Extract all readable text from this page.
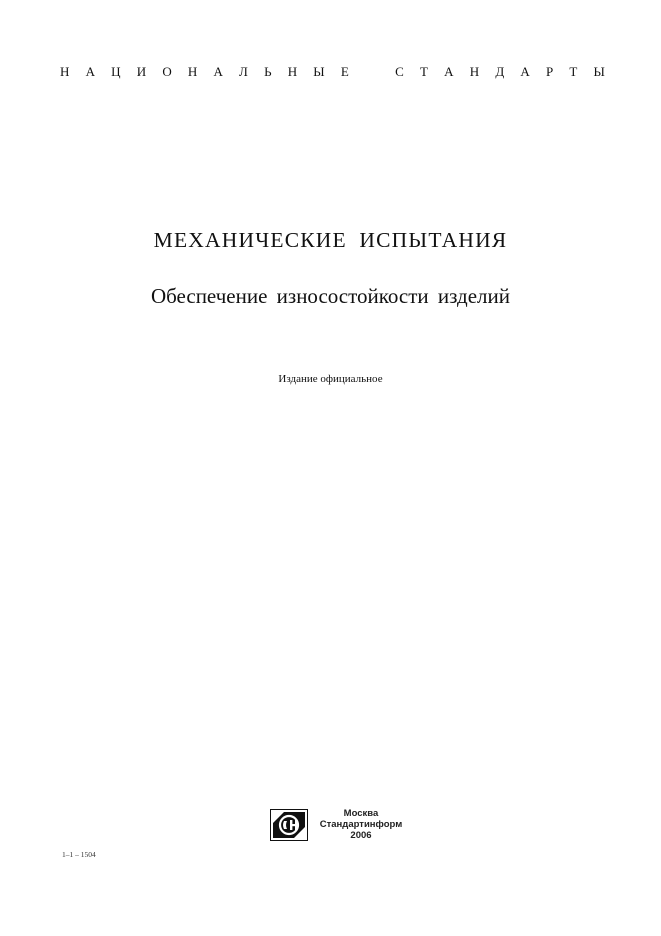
Н А Ц И О Н А Л Ь Н Ы Е	С Т А Н Д А Р Т Ы
МЕХАНИЧЕСКИЕ ИСПЫТАНИЯ
Обеспечение износостойкости изделий
Издание официальное
Москва
Стандартинформ
2006
1–1 – 1504
